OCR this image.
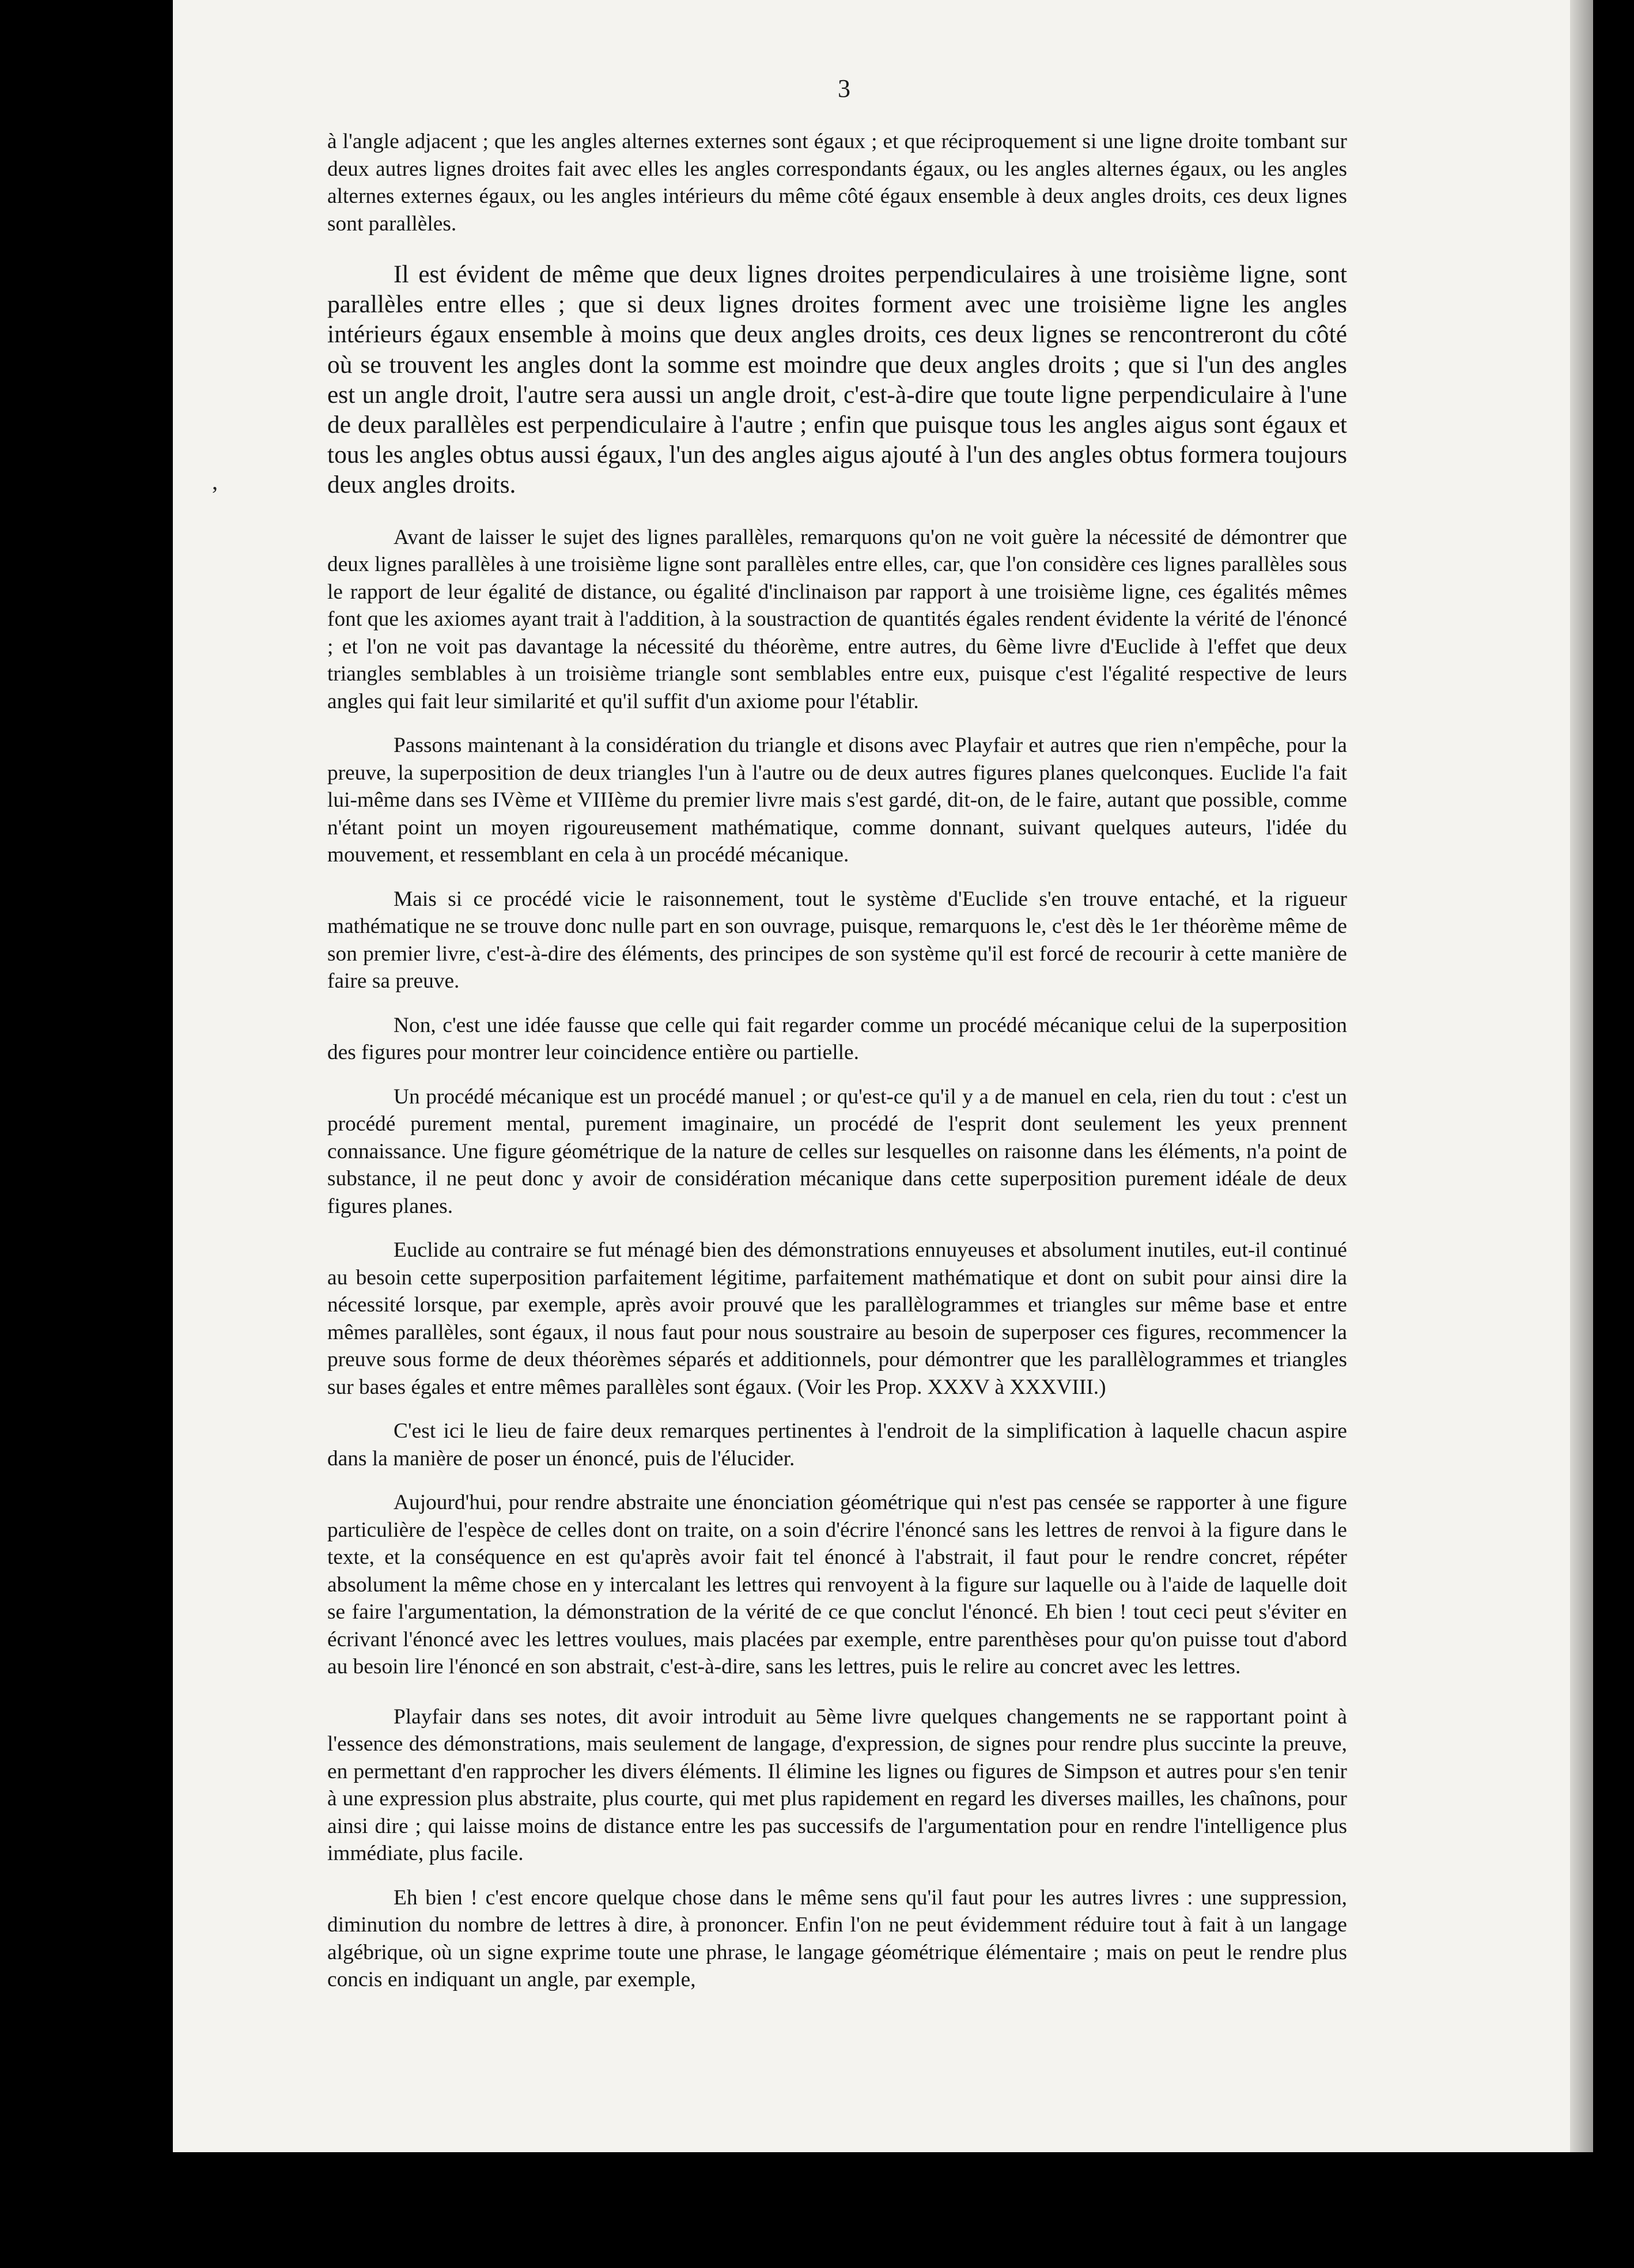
3
,

à l'angle adjacent ; que les angles alternes externes sont égaux ; et que réciproquement si une ligne droite tombant sur deux autres lignes droites fait avec elles les angles correspondants égaux, ou les angles alternes égaux, ou les angles alternes externes égaux, ou les angles intérieurs du même côté égaux ensemble à deux angles droits, ces deux lignes sont parallèles.

Il est évident de même que deux lignes droites perpendiculaires à une troisième ligne, sont parallèles entre elles ; que si deux lignes droites forment avec une troisième ligne les angles intérieurs égaux ensemble à moins que deux angles droits, ces deux lignes se rencontreront du côté où se trouvent les angles dont la somme est moindre que deux angles droits ; que si l'un des angles est un angle droit, l'autre sera aussi un angle droit, c'est-à-dire que toute ligne perpendiculaire à l'une de deux parallèles est perpendiculaire à l'autre ; enfin que puisque tous les angles aigus sont égaux et tous les angles obtus aussi égaux, l'un des angles aigus ajouté à l'un des angles obtus formera toujours deux angles droits.

Avant de laisser le sujet des lignes parallèles, remarquons qu'on ne voit guère la nécessité de démontrer que deux lignes parallèles à une troisième ligne sont parallèles entre elles, car, que l'on considère ces lignes parallèles sous le rapport de leur égalité de distance, ou égalité d'inclinaison par rapport à une troisième ligne, ces égalités mêmes font que les axiomes ayant trait à l'addition, à la soustraction de quantités égales rendent évidente la vérité de l'énoncé ; et l'on ne voit pas davantage la nécessité du théorème, entre autres, du 6ème livre d'Euclide à l'effet que deux triangles semblables à un troisième triangle sont semblables entre eux, puisque c'est l'égalité respective de leurs angles qui fait leur similarité et qu'il suffit d'un axiome pour l'établir.

Passons maintenant à la considération du triangle et disons avec Playfair et autres que rien n'empêche, pour la preuve, la superposition de deux triangles l'un à l'autre ou de deux autres figures planes quelconques. Euclide l'a fait lui-même dans ses IVème et VIIIème du premier livre mais s'est gardé, dit-on, de le faire, autant que possible, comme n'étant point un moyen rigoureusement mathématique, comme donnant, suivant quelques auteurs, l'idée du mouvement, et ressemblant en cela à un procédé mécanique.

Mais si ce procédé vicie le raisonnement, tout le système d'Euclide s'en trouve entaché, et la rigueur mathématique ne se trouve donc nulle part en son ouvrage, puisque, remarquons le, c'est dès le 1er théorème même de son premier livre, c'est-à-dire des éléments, des principes de son système qu'il est forcé de recourir à cette manière de faire sa preuve.

Non, c'est une idée fausse que celle qui fait regarder comme un procédé mécanique celui de la superposition des figures pour montrer leur coincidence entière ou partielle.

Un procédé mécanique est un procédé manuel ; or qu'est-ce qu'il y a de manuel en cela, rien du tout : c'est un procédé purement mental, purement imaginaire, un procédé de l'esprit dont seulement les yeux prennent connaissance. Une figure géométrique de la nature de celles sur lesquelles on raisonne dans les éléments, n'a point de substance, il ne peut donc y avoir de considération mécanique dans cette superposition purement idéale de deux figures planes.

Euclide au contraire se fut ménagé bien des démonstrations ennuyeuses et absolument inutiles, eut-il continué au besoin cette superposition parfaitement légitime, parfaitement mathématique et dont on subit pour ainsi dire la nécessité lorsque, par exemple, après avoir prouvé que les parallèlogrammes et triangles sur même base et entre mêmes parallèles, sont égaux, il nous faut pour nous soustraire au besoin de superposer ces figures, recommencer la preuve sous forme de deux théorèmes séparés et additionnels, pour démontrer que les parallèlogrammes et triangles sur bases égales et entre mêmes parallèles sont égaux. (Voir les Prop. XXXV à XXXVIII.)

C'est ici le lieu de faire deux remarques pertinentes à l'endroit de la simplification à laquelle chacun aspire dans la manière de poser un énoncé, puis de l'élucider.

Aujourd'hui, pour rendre abstraite une énonciation géométrique qui n'est pas censée se rapporter à une figure particulière de l'espèce de celles dont on traite, on a soin d'écrire l'énoncé sans les lettres de renvoi à la figure dans le texte, et la conséquence en est qu'après avoir fait tel énoncé à l'abstrait, il faut pour le rendre concret, répéter absolument la même chose en y intercalant les lettres qui renvoyent à la figure sur laquelle ou à l'aide de laquelle doit se faire l'argumentation, la démonstration de la vérité de ce que conclut l'énoncé. Eh bien ! tout ceci peut s'éviter en écrivant l'énoncé avec les lettres voulues, mais placées par exemple, entre parenthèses pour qu'on puisse tout d'abord au besoin lire l'énoncé en son abstrait, c'est-à-dire, sans les lettres, puis le relire au concret avec les lettres.

Playfair dans ses notes, dit avoir introduit au 5ème livre quelques changements ne se rapportant point à l'essence des démonstrations, mais seulement de langage, d'expression, de signes pour rendre plus succinte la preuve, en permettant d'en rapprocher les divers éléments. Il élimine les lignes ou figures de Simpson et autres pour s'en tenir à une expression plus abstraite, plus courte, qui met plus rapidement en regard les diverses mailles, les chaînons, pour ainsi dire ; qui laisse moins de distance entre les pas successifs de l'argumentation pour en rendre l'intelligence plus immédiate, plus facile.

Eh bien ! c'est encore quelque chose dans le même sens qu'il faut pour les autres livres : une suppression, diminution du nombre de lettres à dire, à prononcer. Enfin l'on ne peut évidemment réduire tout à fait à un langage algébrique, où un signe exprime toute une phrase, le langage géométrique élémentaire ; mais on peut le rendre plus concis en indiquant un angle, par exemple,
